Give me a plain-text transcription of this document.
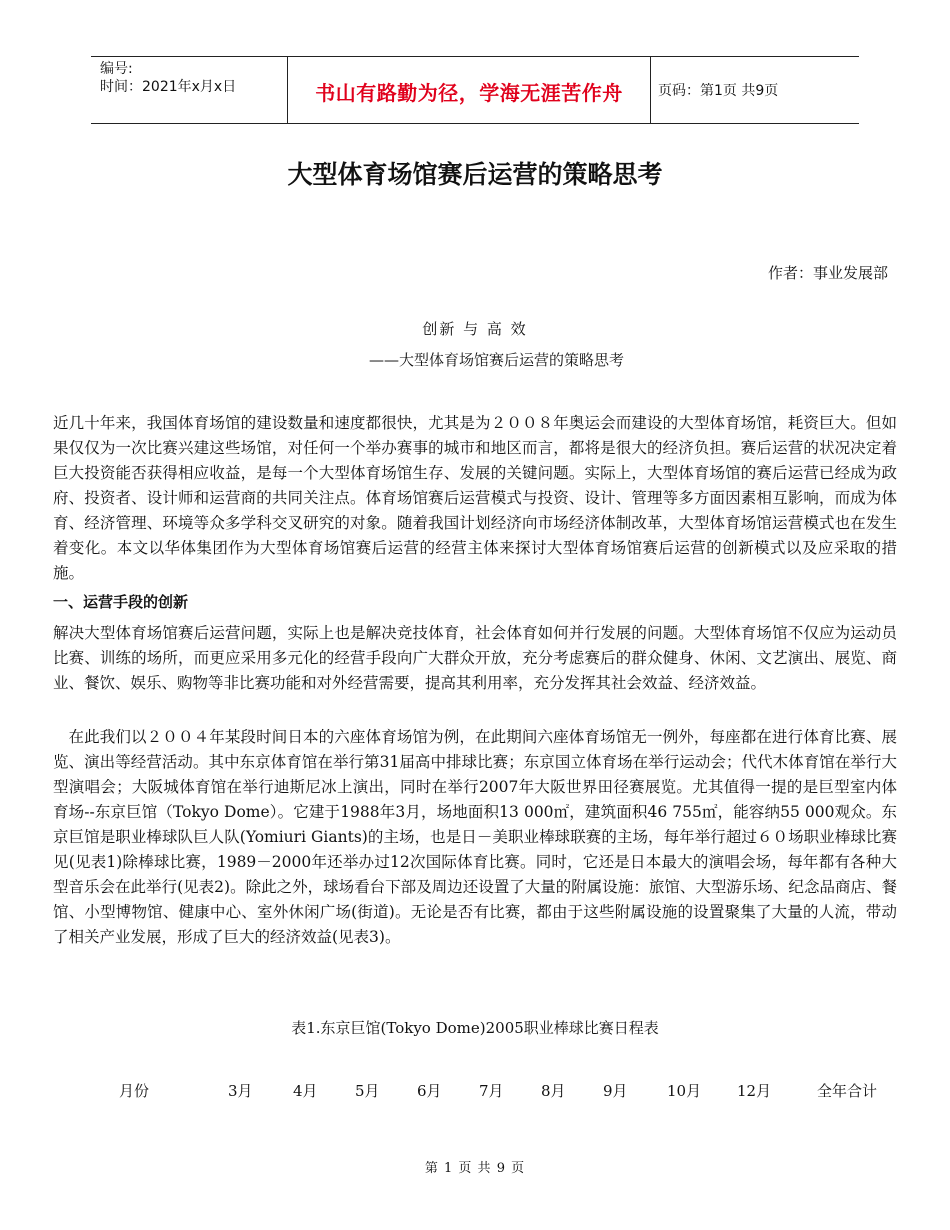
编号:
时间：2021年x月x日	书山有路勤为径，学海无涯苦作舟	页码：第1页 共9页
大型体育场馆赛后运营的策略思考
作者：事业发展部
创新 与 高 效
——大型体育场馆赛后运营的策略思考

近几十年来，我国体育场馆的建设数量和速度都很快，尤其是为２００８年奥运会而建设的大型体育场馆，耗资巨大。但如果仅仅为一次比赛兴建这些场馆，对任何一个举办赛事的城市和地区而言，都将是很大的经济负担。赛后运营的状况决定着巨大投资能否获得相应收益，是每一个大型体育场馆生存、发展的关键问题。实际上，大型体育场馆的赛后运营已经成为政府、投资者、设计师和运营商的共同关注点。体育场馆赛后运营模式与投资、设计、管理等多方面因素相互影响，而成为体育、经济管理、环境等众多学科交叉研究的对象。随着我国计划经济向市场经济体制改革，大型体育场馆运营模式也在发生着变化。本文以华体集团作为大型体育场馆赛后运营的经营主体来探讨大型体育场馆赛后运营的创新模式以及应采取的措施。

一、运营手段的创新

解决大型体育场馆赛后运营问题，实际上也是解决竞技体育，社会体育如何并行发展的问题。大型体育场馆不仅应为运动员比赛、训练的场所，而更应采用多元化的经营手段向广大群众开放，充分考虑赛后的群众健身、休闲、文艺演出、展览、商业、餐饮、娱乐、购物等非比赛功能和对外经营需要，提高其利用率，充分发挥其社会效益、经济效益。

在此我们以２００４年某段时间日本的六座体育场馆为例，在此期间六座体育场馆无一例外，每座都在进行体育比赛、展览、演出等经营活动。其中东京体育馆在举行第31届高中排球比赛；东京国立体育场在举行运动会；代代木体育馆在举行大型演唱会；大阪城体育馆在举行迪斯尼冰上演出，同时在举行2007年大阪世界田径赛展览。尤其值得一提的是巨型室内体育场--东京巨馆（Tokyo Dome）。它建于1988年3月，场地面积13 000㎡，建筑面积46 755㎡，能容纳55 000观众。东京巨馆是职业棒球队巨人队(Yomiuri Giants)的主场，也是日－美职业棒球联赛的主场，每年举行超过６０场职业棒球比赛见(见表1)除棒球比赛，1989－2000年还举办过12次国际体育比赛。同时，它还是日本最大的演唱会场，每年都有各种大型音乐会在此举行(见表2)。除此之外，球场看台下部及周边还设置了大量的附属设施：旅馆、大型游乐场、纪念品商店、餐馆、小型博物馆、健康中心、室外休闲广场(街道)。无论是否有比赛，都由于这些附属设施的设置聚集了大量的人流，带动了相关产业发展，形成了巨大的经济效益(见表3)。

表1.东京巨馆(Tokyo Dome)2005职业棒球比赛日程表
月份	3月	4月 5月 6月 7月 8月 9月	10月 12月	全年合计
第 1 页 共 9 页
